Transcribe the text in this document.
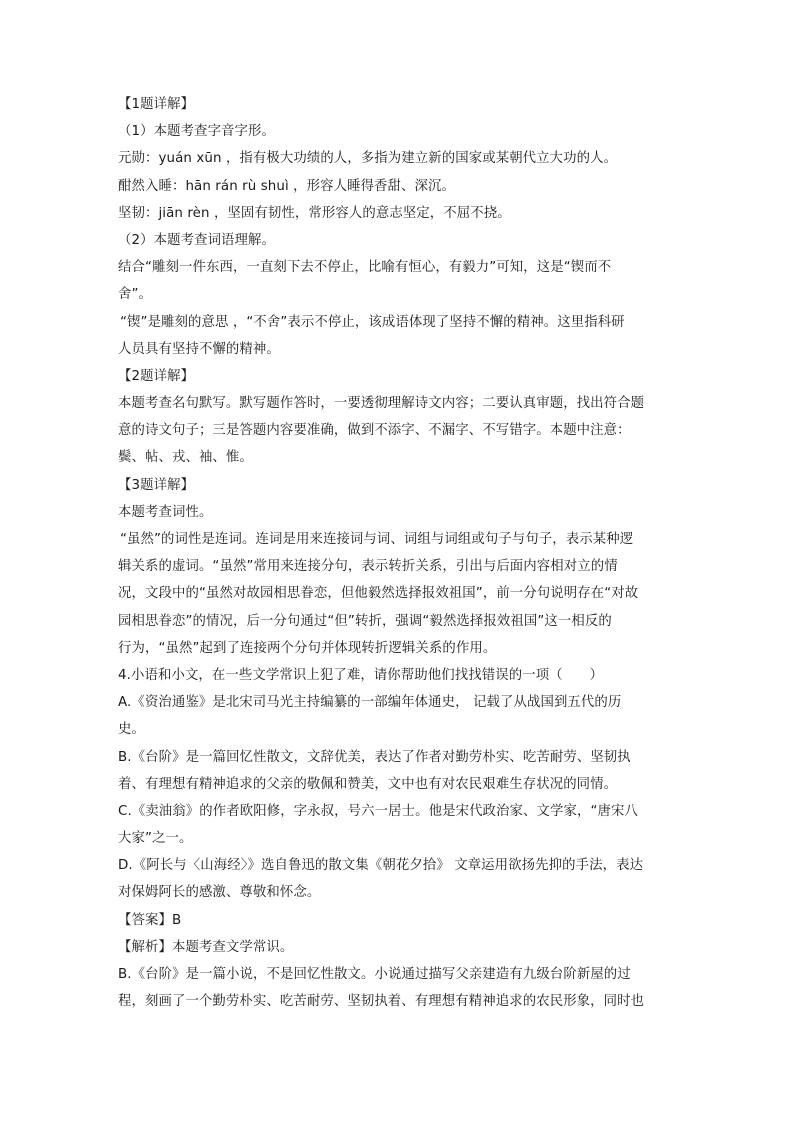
【1题详解】
（1）本题考查字音字形。
元勋：yuán xūn ，指有极大功绩的人，多指为建立新的国家或某朝代立大功的人。
酣然入睡：hān rán rù shuì ，形容人睡得香甜、深沉。
坚韧：jiān rèn ，坚固有韧性，常形容人的意志坚定，不屈不挠。
（2）本题考查词语理解。
结合“雕刻一件东西，一直刻下去不停止，比喻有恒心，有毅力”可知，这是“锲而不
舍”。
“锲”是雕刻的意思 ，“不舍”表示不停止，该成语体现了坚持不懈的精神。这里指科研
人员具有坚持不懈的精神。
【2题详解】
本题考查名句默写。默写题作答时，一要透彻理解诗文内容；二要认真审题，找出符合题
意的诗文句子；三是答题内容要准确，做到不添字、不漏字、不写错字。本题中注意：
鬓、帖、戎、袖、惟。
【3题详解】
本题考查词性。
“虽然”的词性是连词。连词是用来连接词与词、词组与词组或句子与句子，表示某种逻
辑关系的虚词。“虽然”常用来连接分句，表示转折关系，引出与后面内容相对立的情
况，文段中的“虽然对故园相思眷恋，但他毅然选择报效祖国”，前一分句说明存在“对故
园相思眷恋”的情况，后一分句通过“但”转折，强调“毅然选择报效祖国”这一相反的
行为，“虽然”起到了连接两个分句并体现转折逻辑关系的作用。
4.小语和小文，在一些文学常识上犯了难，请你帮助他们找找错误的一项（　　）
A.《资治通鉴》是北宋司马光主持编纂的一部编年体通史， 记载了从战国到五代的历
史。
B.《台阶》是一篇回忆性散文，文辞优美，表达了作者对勤劳朴实、吃苦耐劳、坚韧执
着、有理想有精神追求的父亲的敬佩和赞美，文中也有对农民艰难生存状况的同情。
C.《卖油翁》的作者欧阳修，字永叔，号六一居士。他是宋代政治家、文学家，“唐宋八
大家”之一。
D.《阿长与〈山海经〉》选自鲁迅的散文集《朝花夕拾》 文章运用欲扬先抑的手法，表达
对保姆阿长的感激、尊敬和怀念。
【答案】B
【解析】本题考查文学常识。
B.《台阶》是一篇小说，不是回忆性散文。小说通过描写父亲建造有九级台阶新屋的过
程，刻画了一个勤劳朴实、吃苦耐劳、坚韧执着、有理想有精神追求的农民形象，同时也
